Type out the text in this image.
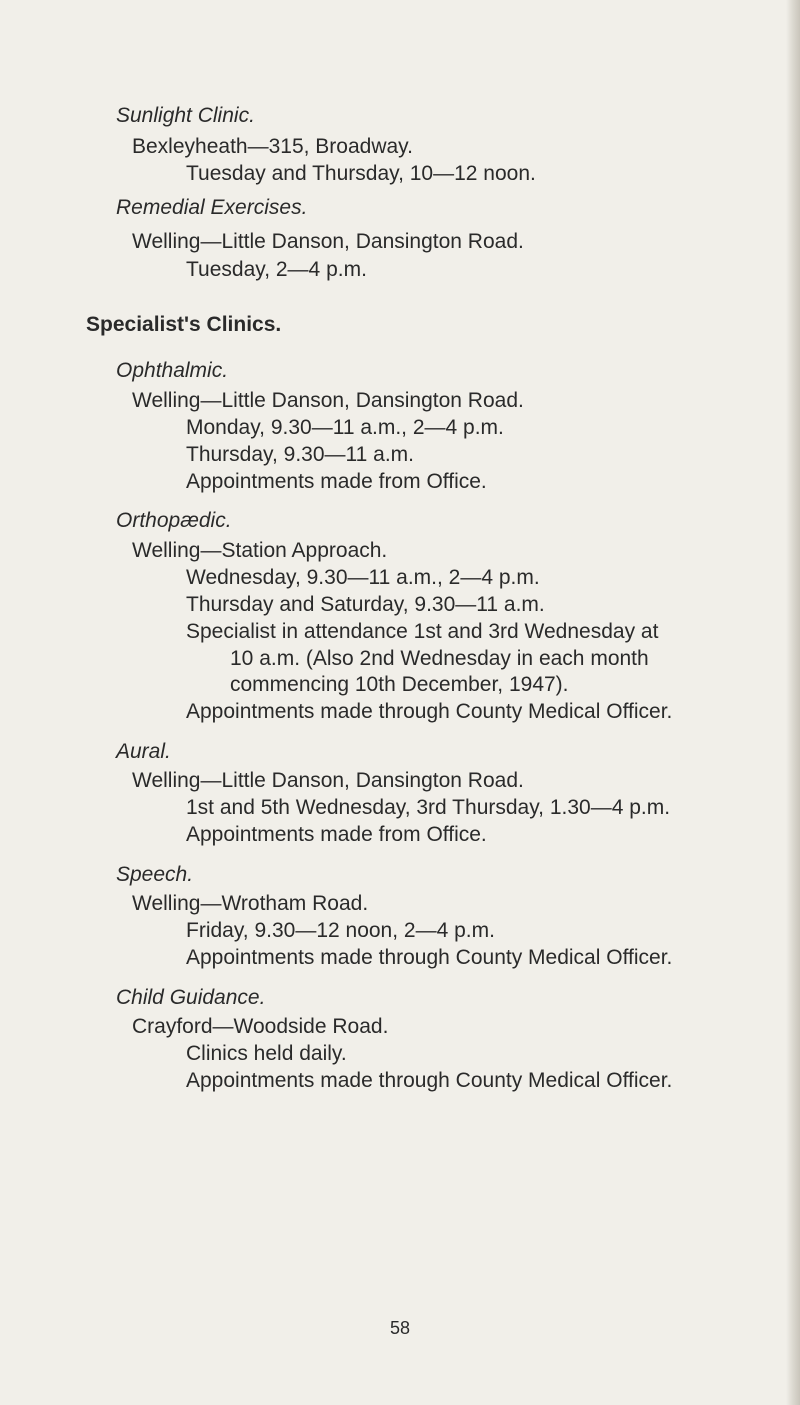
Sunlight Clinic.
Bexleyheath—315, Broadway.
Tuesday and Thursday, 10—12 noon.
Remedial Exercises.
Welling—Little Danson, Dansington Road.
Tuesday, 2—4 p.m.
Specialist's Clinics.
Ophthalmic.
Welling—Little Danson, Dansington Road.
Monday, 9.30—11 a.m., 2—4 p.m.
Thursday, 9.30—11 a.m.
Appointments made from Office.
Orthopædic.
Welling—Station Approach.
Wednesday, 9.30—11 a.m., 2—4 p.m.
Thursday and Saturday, 9.30—11 a.m.
Specialist in attendance 1st and 3rd Wednesday at
10 a.m. (Also 2nd Wednesday in each month
commencing 10th December, 1947).
Appointments made through County Medical Officer.
Aural.
Welling—Little Danson, Dansington Road.
1st and 5th Wednesday, 3rd Thursday, 1.30—4 p.m.
Appointments made from Office.
Speech.
Welling—Wrotham Road.
Friday, 9.30—12 noon, 2—4 p.m.
Appointments made through County Medical Officer.
Child Guidance.
Crayford—Woodside Road.
Clinics held daily.
Appointments made through County Medical Officer.
58
